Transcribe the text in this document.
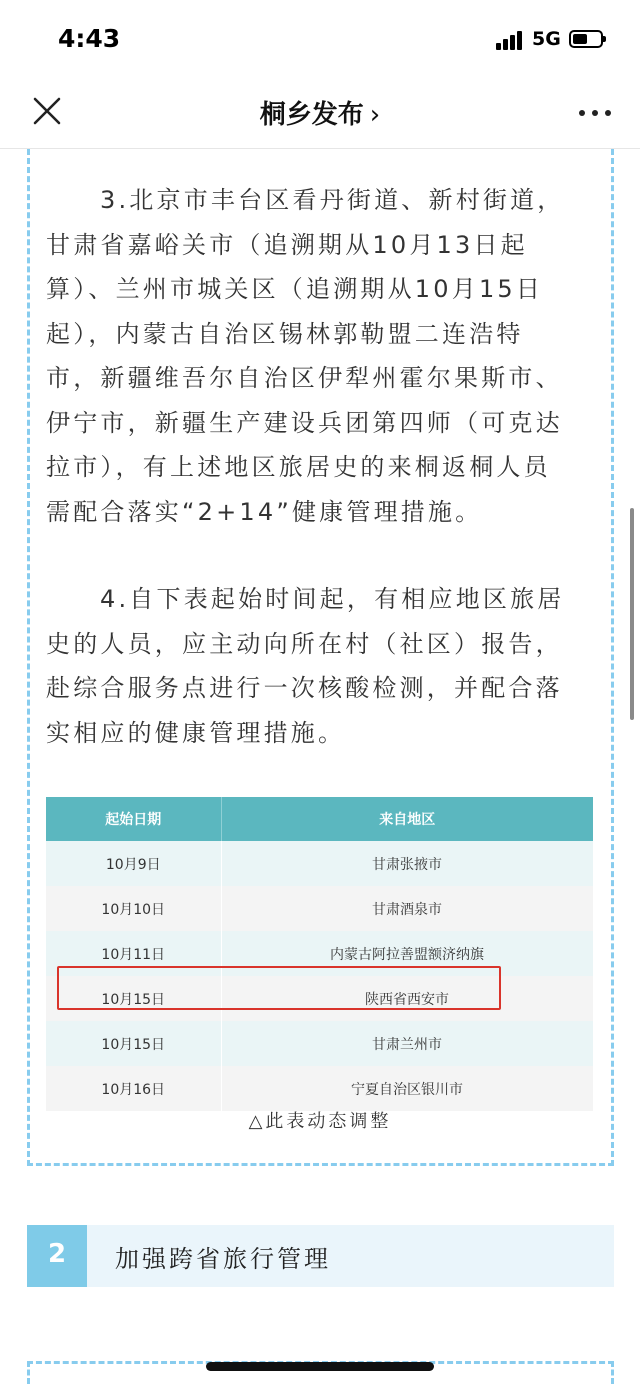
4:43	5G
桐乡发布 ›
3.北京市丰台区看丹街道、新村街道，
甘肃省嘉峪关市（追溯期从10月13日起
算）、兰州市城关区（追溯期从10月15日
起），内蒙古自治区锡林郭勒盟二连浩特
市，新疆维吾尔自治区伊犁州霍尔果斯市、
伊宁市，新疆生产建设兵团第四师（可克达
拉市），有上述地区旅居史的来桐返桐人员
需配合落实“2+14”健康管理措施。
4.自下表起始时间起，有相应地区旅居
史的人员，应主动向所在村（社区）报告，
赴综合服务点进行一次核酸检测，并配合落
实相应的健康管理措施。
起始日期	来自地区
10月9日	甘肃张掖市
10月10日	甘肃酒泉市
10月11日	内蒙古阿拉善盟额济纳旗
10月15日	陕西省西安市
10月15日	甘肃兰州市
10月16日	宁夏自治区银川市
△此表动态调整
2	加强跨省旅行管理
